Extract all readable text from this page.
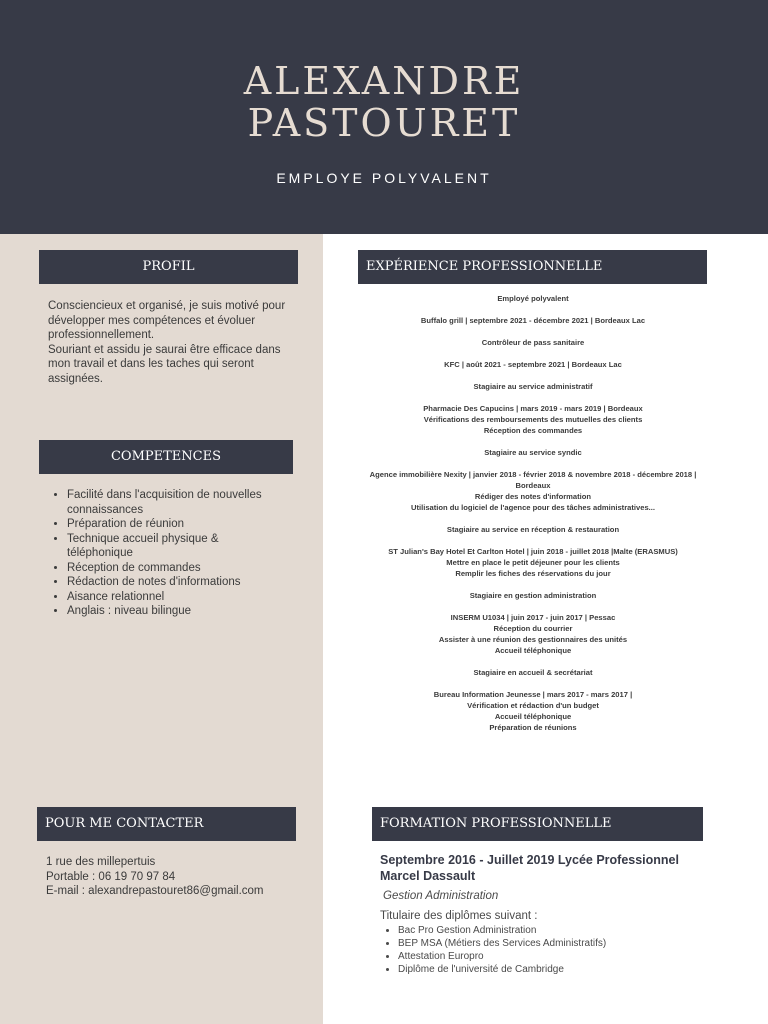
ALEXANDRE
PASTOURET
EMPLOYE POLYVALENT
PROFIL
Consciencieux et organisé, je suis motivé pour
développer mes compétences et évoluer
professionnellement.
Souriant et assidu je saurai être efficace dans
mon travail et dans les taches qui seront
assignées.
COMPETENCES
• Facilité dans l'acquisition de nouvelles connaissances
• Préparation de réunion
• Technique accueil physique & téléphonique
• Réception de commandes
• Rédaction de notes d'informations
• Aisance relationnel
• Anglais : niveau bilingue
POUR ME CONTACTER
1 rue des millepertuis
Portable : 06 19 70 97 84
E-mail : alexandrepastouret86@gmail.com
EXPÉRIENCE PROFESSIONNELLE

Employé polyvalent

Buffalo grill | septembre 2021 - décembre 2021 | Bordeaux Lac

Contrôleur de pass sanitaire

KFC | août 2021 - septembre 2021 | Bordeaux Lac

Stagiaire au service administratif

Pharmacie Des Capucins | mars 2019 - mars 2019 | Bordeaux
Vérifications des remboursements des mutuelles des clients
Réception des commandes

Stagiaire au service syndic

Agence immobilière Nexity | janvier 2018 - février 2018 & novembre 2018 - décembre 2018 | Bordeaux
Rédiger des notes d'information
Utilisation du logiciel de l'agence pour des tâches administratives...

Stagiaire au service en réception & restauration

ST Julian's Bay Hotel Et Carlton Hotel | juin 2018 - juillet 2018 |Malte (ERASMUS)
Mettre en place le petit déjeuner pour les clients
Remplir les fiches des réservations du jour

Stagiaire en gestion administration

INSERM U1034 | juin 2017 - juin 2017 | Pessac
Réception du courrier
Assister à une réunion des gestionnaires des unités
Accueil téléphonique

Stagiaire en accueil & secrétariat

Bureau Information Jeunesse | mars 2017 - mars 2017 |
Vérification et rédaction d'un budget
Accueil téléphonique
Préparation de réunions

FORMATION PROFESSIONNELLE
Septembre 2016 - Juillet 2019 Lycée Professionnel Marcel Dassault
Gestion Administration
Titulaire des diplômes suivant :
• Bac Pro Gestion Administration
• BEP MSA (Métiers des Services Administratifs)
• Attestation Europro
• Diplôme de l'université de Cambridge
